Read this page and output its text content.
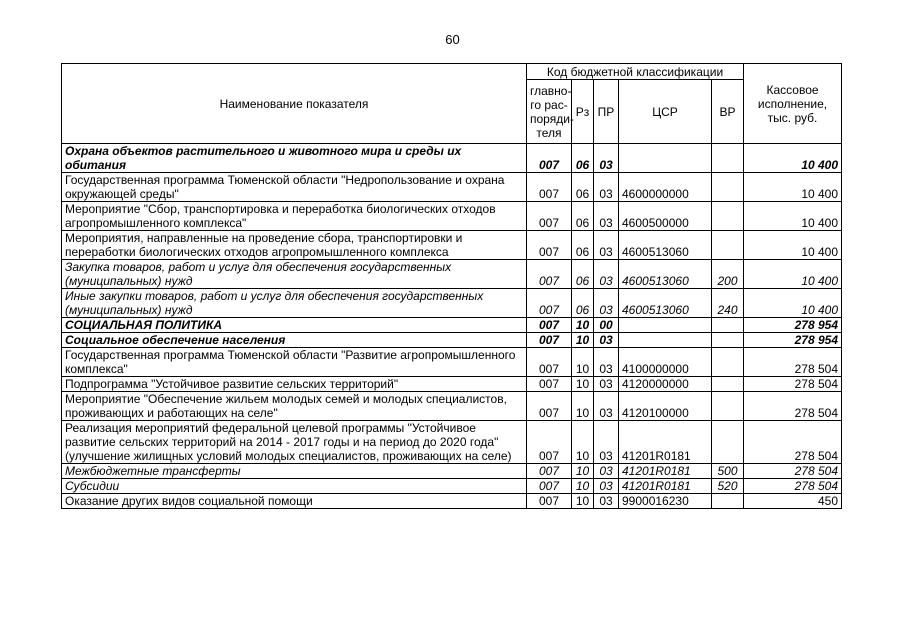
60
Наименование показателя	Код бюджетной классификации					Кассовое исполнение, тыс. руб.
	главно-го рас-поряди-теля	Рз	ПР	ЦСР	ВР	
Охрана объектов растительного и животного мира и среды их обитания	007	06	03			10 400
Государственная программа Тюменской области "Недропользование и охрана окружающей среды"	007	06	03	4600000000		10 400
Мероприятие "Сбор, транспортировка и переработка биологических отходов агропромышленного комплекса"	007	06	03	4600500000		10 400
Мероприятия, направленные на проведение сбора, транспортировки и переработки биологических отходов агропромышленного комплекса	007	06	03	4600513060		10 400
Закупка товаров, работ и услуг для обеспечения государственных (муниципальных) нужд	007	06	03	4600513060	200	10 400
Иные закупки товаров, работ и услуг для обеспечения государственных (муниципальных) нужд	007	06	03	4600513060	240	10 400
СОЦИАЛЬНАЯ ПОЛИТИКА	007	10	00			278 954
Социальное обеспечение населения	007	10	03			278 954
Государственная программа Тюменской области "Развитие агропромышленного комплекса"	007	10	03	4100000000		278 504
Подпрограмма "Устойчивое развитие сельских территорий"	007	10	03	4120000000		278 504
Мероприятие "Обеспечение жильем молодых семей и молодых специалистов, проживающих и работающих на селе"	007	10	03	4120100000		278 504
Реализация мероприятий федеральной целевой программы "Устойчивое развитие сельских территорий на 2014 - 2017 годы и на период до 2020 года" (улучшение жилищных условий молодых специалистов, проживающих на селе)	007	10	03	41201R0181		278 504
Межбюджетные трансферты	007	10	03	41201R0181	500	278 504
Субсидии	007	10	03	41201R0181	520	278 504
Оказание других видов социальной помощи	007	10	03	9900016230		450
